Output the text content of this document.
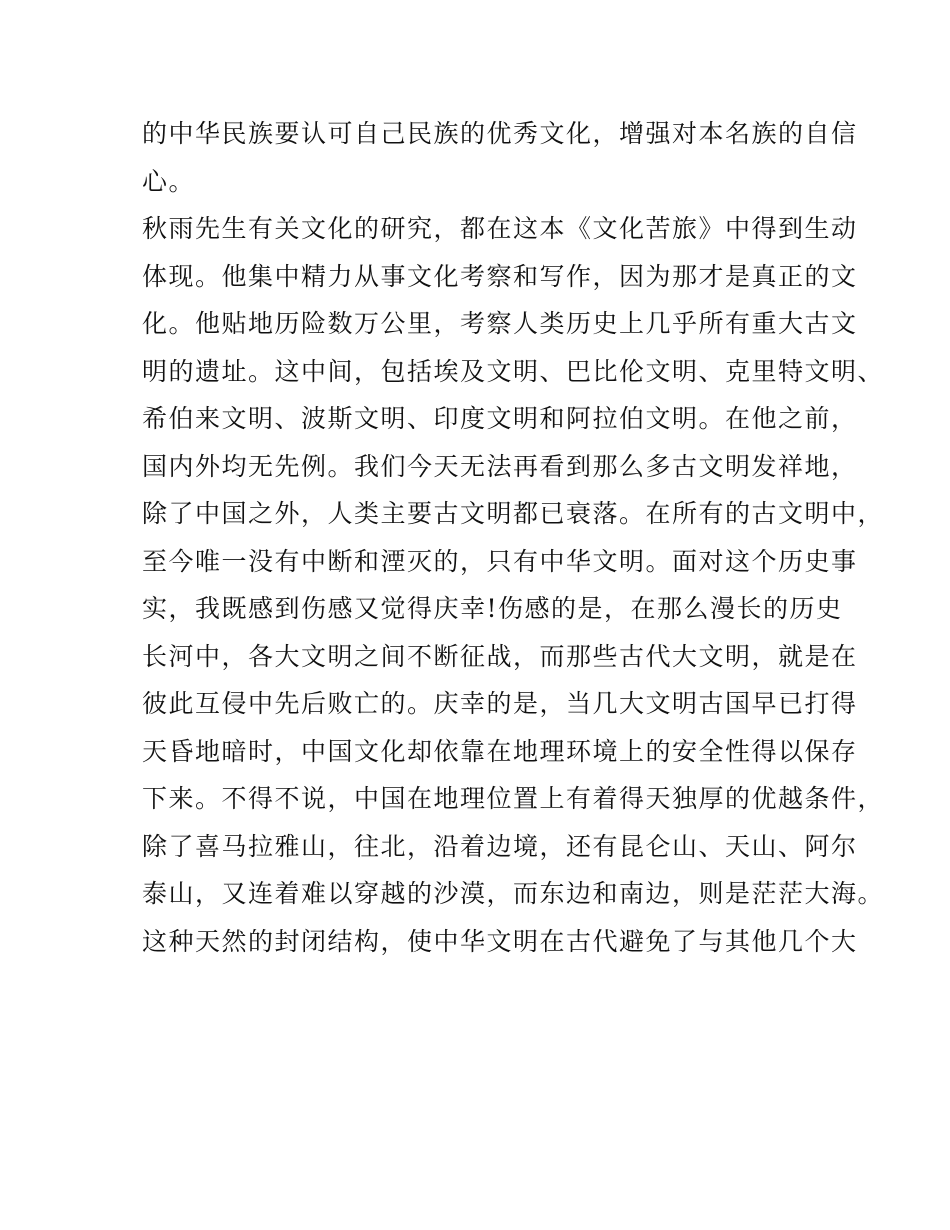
的中华民族要认可自己民族的优秀文化，增强对本名族的自信
心。
秋雨先生有关文化的研究，都在这本《文化苦旅》中得到生动
体现。他集中精力从事文化考察和写作，因为那才是真正的文
化。他贴地历险数万公里，考察人类历史上几乎所有重大古文
明的遗址。这中间，包括埃及文明、巴比伦文明、克里特文明、
希伯来文明、波斯文明、印度文明和阿拉伯文明。在他之前，
国内外均无先例。我们今天无法再看到那么多古文明发祥地，
除了中国之外，人类主要古文明都已衰落。在所有的古文明中，
至今唯一没有中断和湮灭的，只有中华文明。面对这个历史事
实，我既感到伤感又觉得庆幸!伤感的是，在那么漫长的历史
长河中，各大文明之间不断征战，而那些古代大文明，就是在
彼此互侵中先后败亡的。庆幸的是，当几大文明古国早已打得
天昏地暗时，中国文化却依靠在地理环境上的安全性得以保存
下来。不得不说，中国在地理位置上有着得天独厚的优越条件，
除了喜马拉雅山，往北，沿着边境，还有昆仑山、天山、阿尔
泰山，又连着难以穿越的沙漠，而东边和南边，则是茫茫大海。
这种天然的封闭结构，使中华文明在古代避免了与其他几个大
